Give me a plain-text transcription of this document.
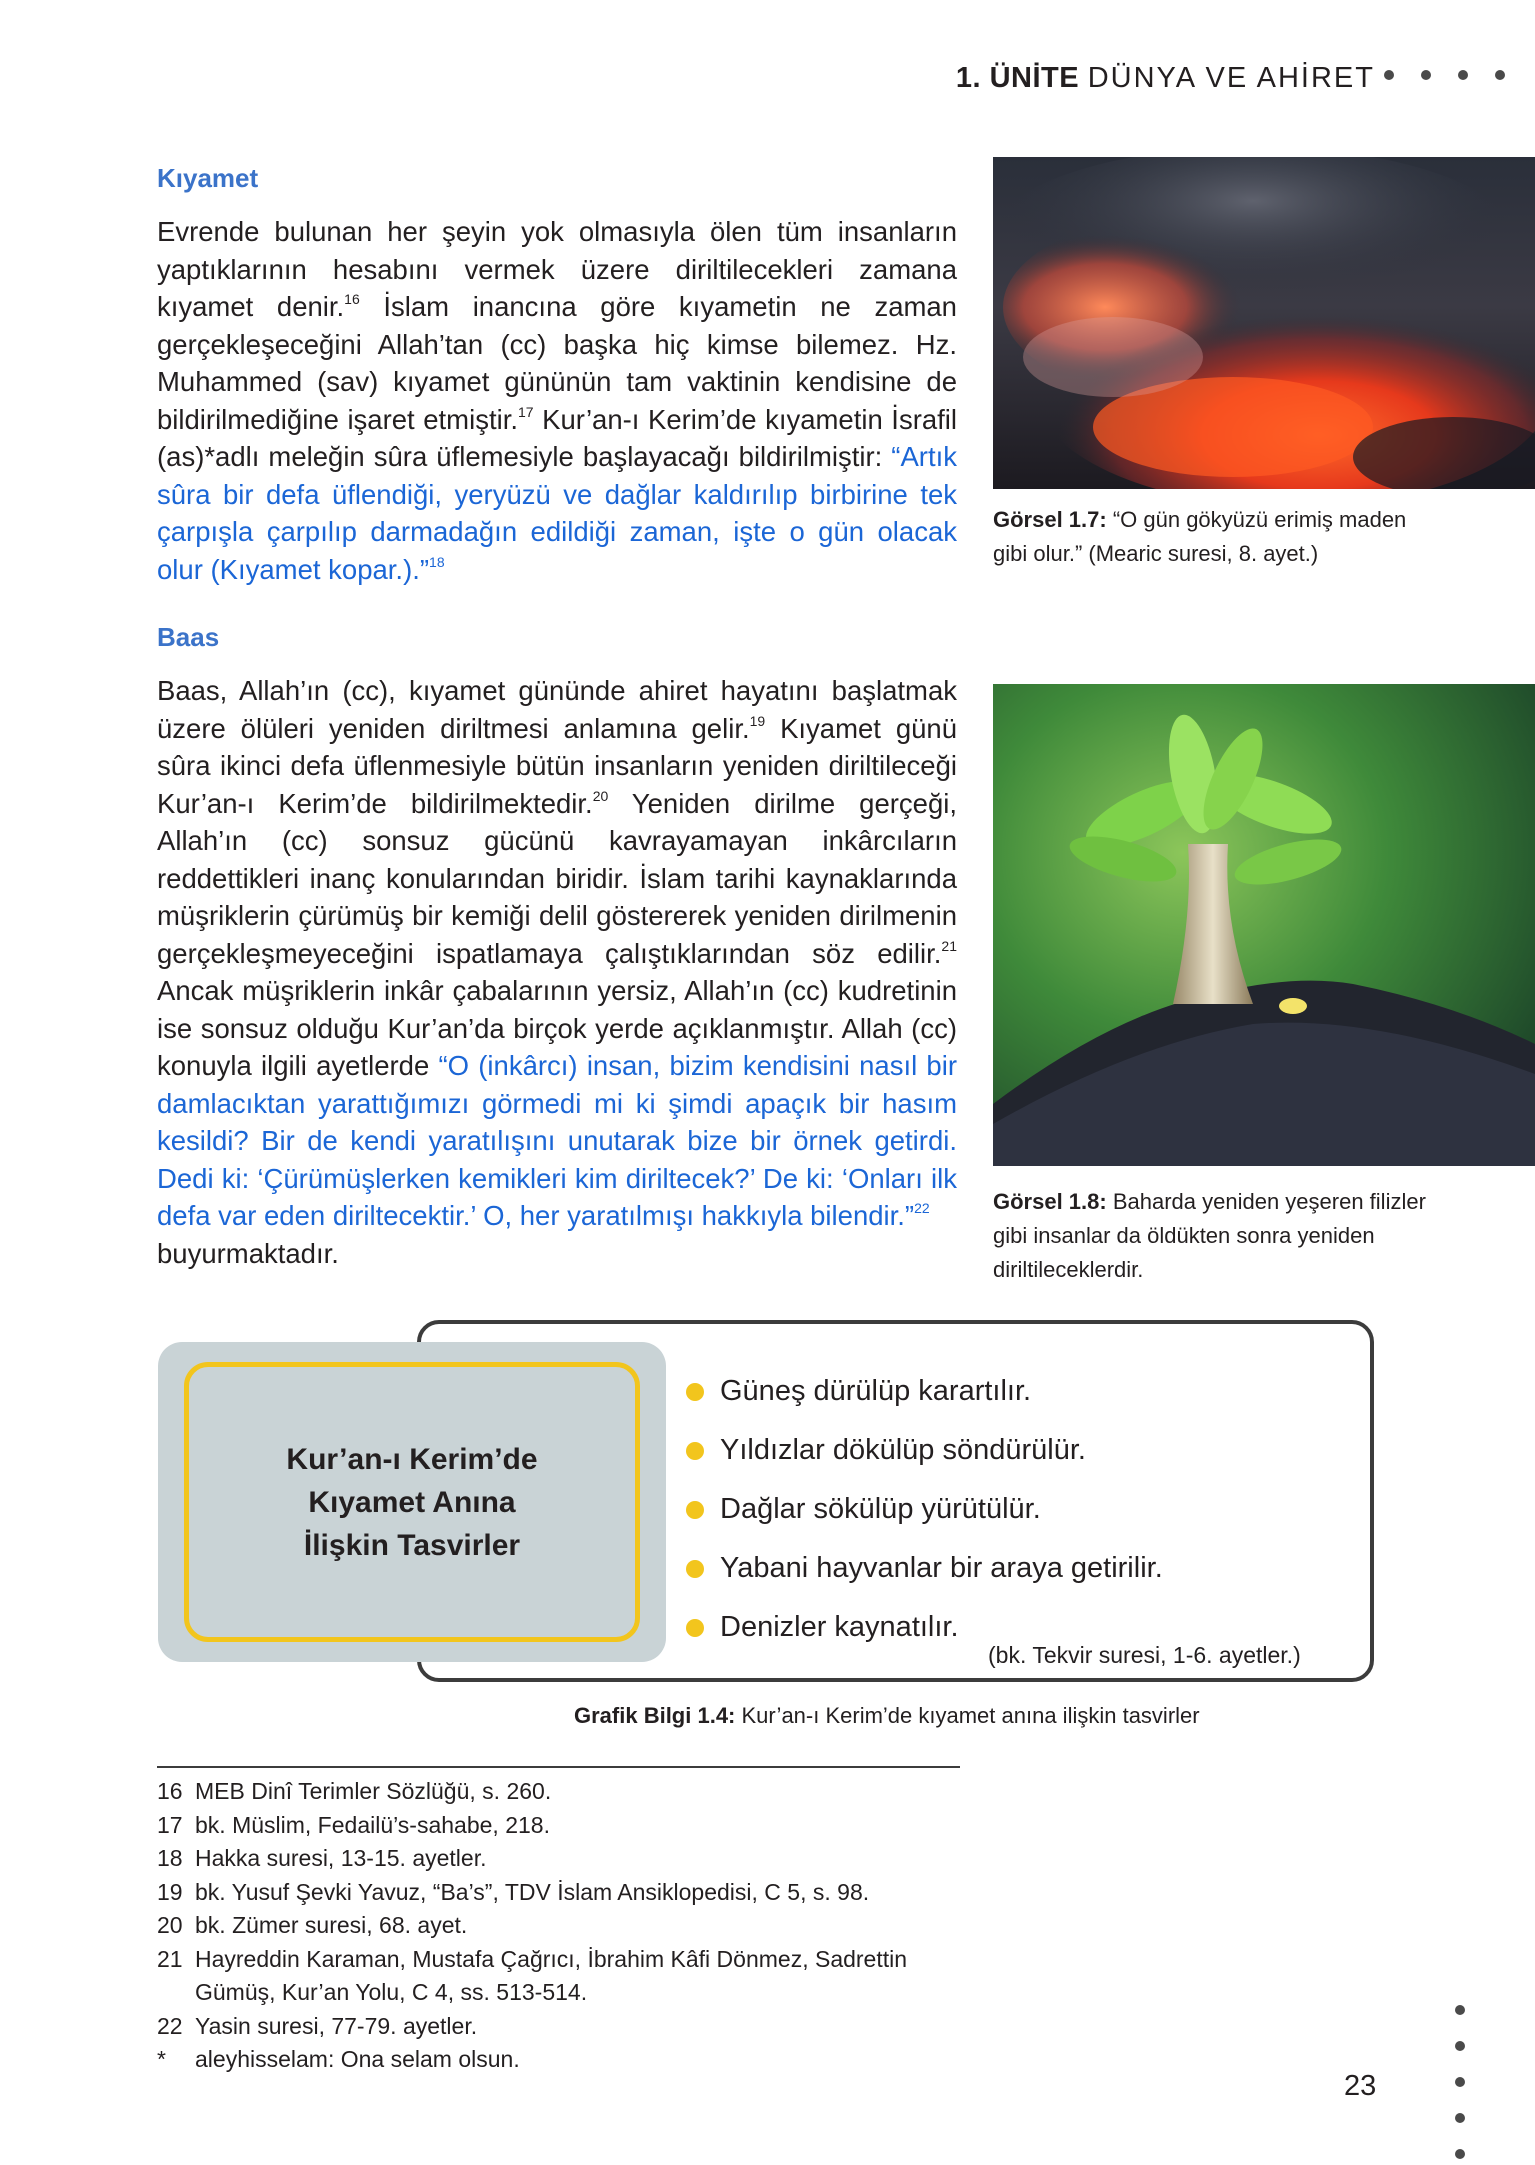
1. ÜNİTE DÜNYA VE AHİRET
Kıyamet
Evrende bulunan her şeyin yok olmasıyla ölen tüm insanların yaptıklarının hesabını vermek üzere diriltilecekleri zamana kıyamet denir.$^{16}$ İslam inancına göre kıyametin ne zaman gerçekleşeceğini Allah’tan (cc) başka hiç kimse bilemez. Hz. Muhammed (sav) kıyamet gününün tam vaktinin kendisine de bildirilmediğine işaret etmiştir.$^{17}$ Kur’an-ı Kerim’de kıyametin İsrafil (as)*adlı meleğin sûra üflemesiyle başlayacağı bildirilmiştir: “Artık sûra bir defa üflendiği, yeryüzü ve dağlar kaldırılıp birbirine tek çarpışla çarpılıp darmadağın edildiği zaman, işte o gün olacak olur (Kıyamet kopar.).”$^{18}$
Baas
Baas, Allah’ın (cc), kıyamet gününde ahiret hayatını başlatmak üzere ölüleri yeniden diriltmesi anlamına gelir.$^{19}$ Kıyamet günü sûra ikinci defa üflenmesiyle bütün insanların yeniden diriltileceği Kur’an-ı Kerim’de bildirilmektedir.$^{20}$ Yeniden dirilme gerçeği, Allah’ın (cc) sonsuz gücünü kavrayamayan inkârcıların reddettikleri inanç konularından biridir. İslam tarihi kaynaklarında müşriklerin çürümüş bir kemiği delil göstererek yeniden dirilmenin gerçekleşmeyeceğini ispatlamaya çalıştıklarından söz edilir.$^{21}$ Ancak müşriklerin inkâr çabalarının yersiz, Allah’ın (cc) kudretinin ise sonsuz olduğu Kur’an’da birçok yerde açıklanmıştır. Allah (cc) konuyla ilgili ayetlerde “O (inkârcı) insan, bizim kendisini nasıl bir damlacıktan yarattığımızı görmedi mi ki şimdi apaçık bir hasım kesildi? Bir de kendi yaratılışını unutarak bize bir örnek getirdi. Dedi ki: ‘Çürümüşlerken kemikleri kim diriltecek?’ De ki: ‘Onları ilk defa var eden diriltecektir.’ O, her yaratılmışı hakkıyla bilendir.”$^{22}$
buyurmaktadır.
Görsel 1.7: “O gün gökyüzü erimiş maden gibi olur.” (Mearic suresi, 8. ayet.)
Görsel 1.8: Baharda yeniden yeşeren filizler gibi insanlar da öldükten sonra yeniden diriltileceklerdir.
Kur’an-ı Kerim’de
Kıyamet Anına
İlişkin Tasvirler
Güneş dürülüp karartılır.
Yıldızlar dökülüp söndürülür.
Dağlar sökülüp yürütülür.
Yabani hayvanlar bir araya getirilir.
Denizler kaynatılır.
(bk. Tekvir suresi, 1-6. ayetler.)
Grafik Bilgi 1.4: Kur’an-ı Kerim’de kıyamet anına ilişkin tasvirler
16 MEB Dinî Terimler Sözlüğü, s. 260.
17 bk. Müslim, Fedailü’s-sahabe, 218.
18 Hakka suresi, 13-15. ayetler.
19 bk. Yusuf Şevki Yavuz, “Ba’s”, TDV İslam Ansiklopedisi, C 5, s. 98.
20 bk. Zümer suresi, 68. ayet.
21 Hayreddin Karaman, Mustafa Çağrıcı, İbrahim Kâfi Dönmez, Sadrettin Gümüş, Kur’an Yolu, C 4, ss. 513-514.
22 Yasin suresi, 77-79. ayetler.
*	aleyhisselam: Ona selam olsun.
23
